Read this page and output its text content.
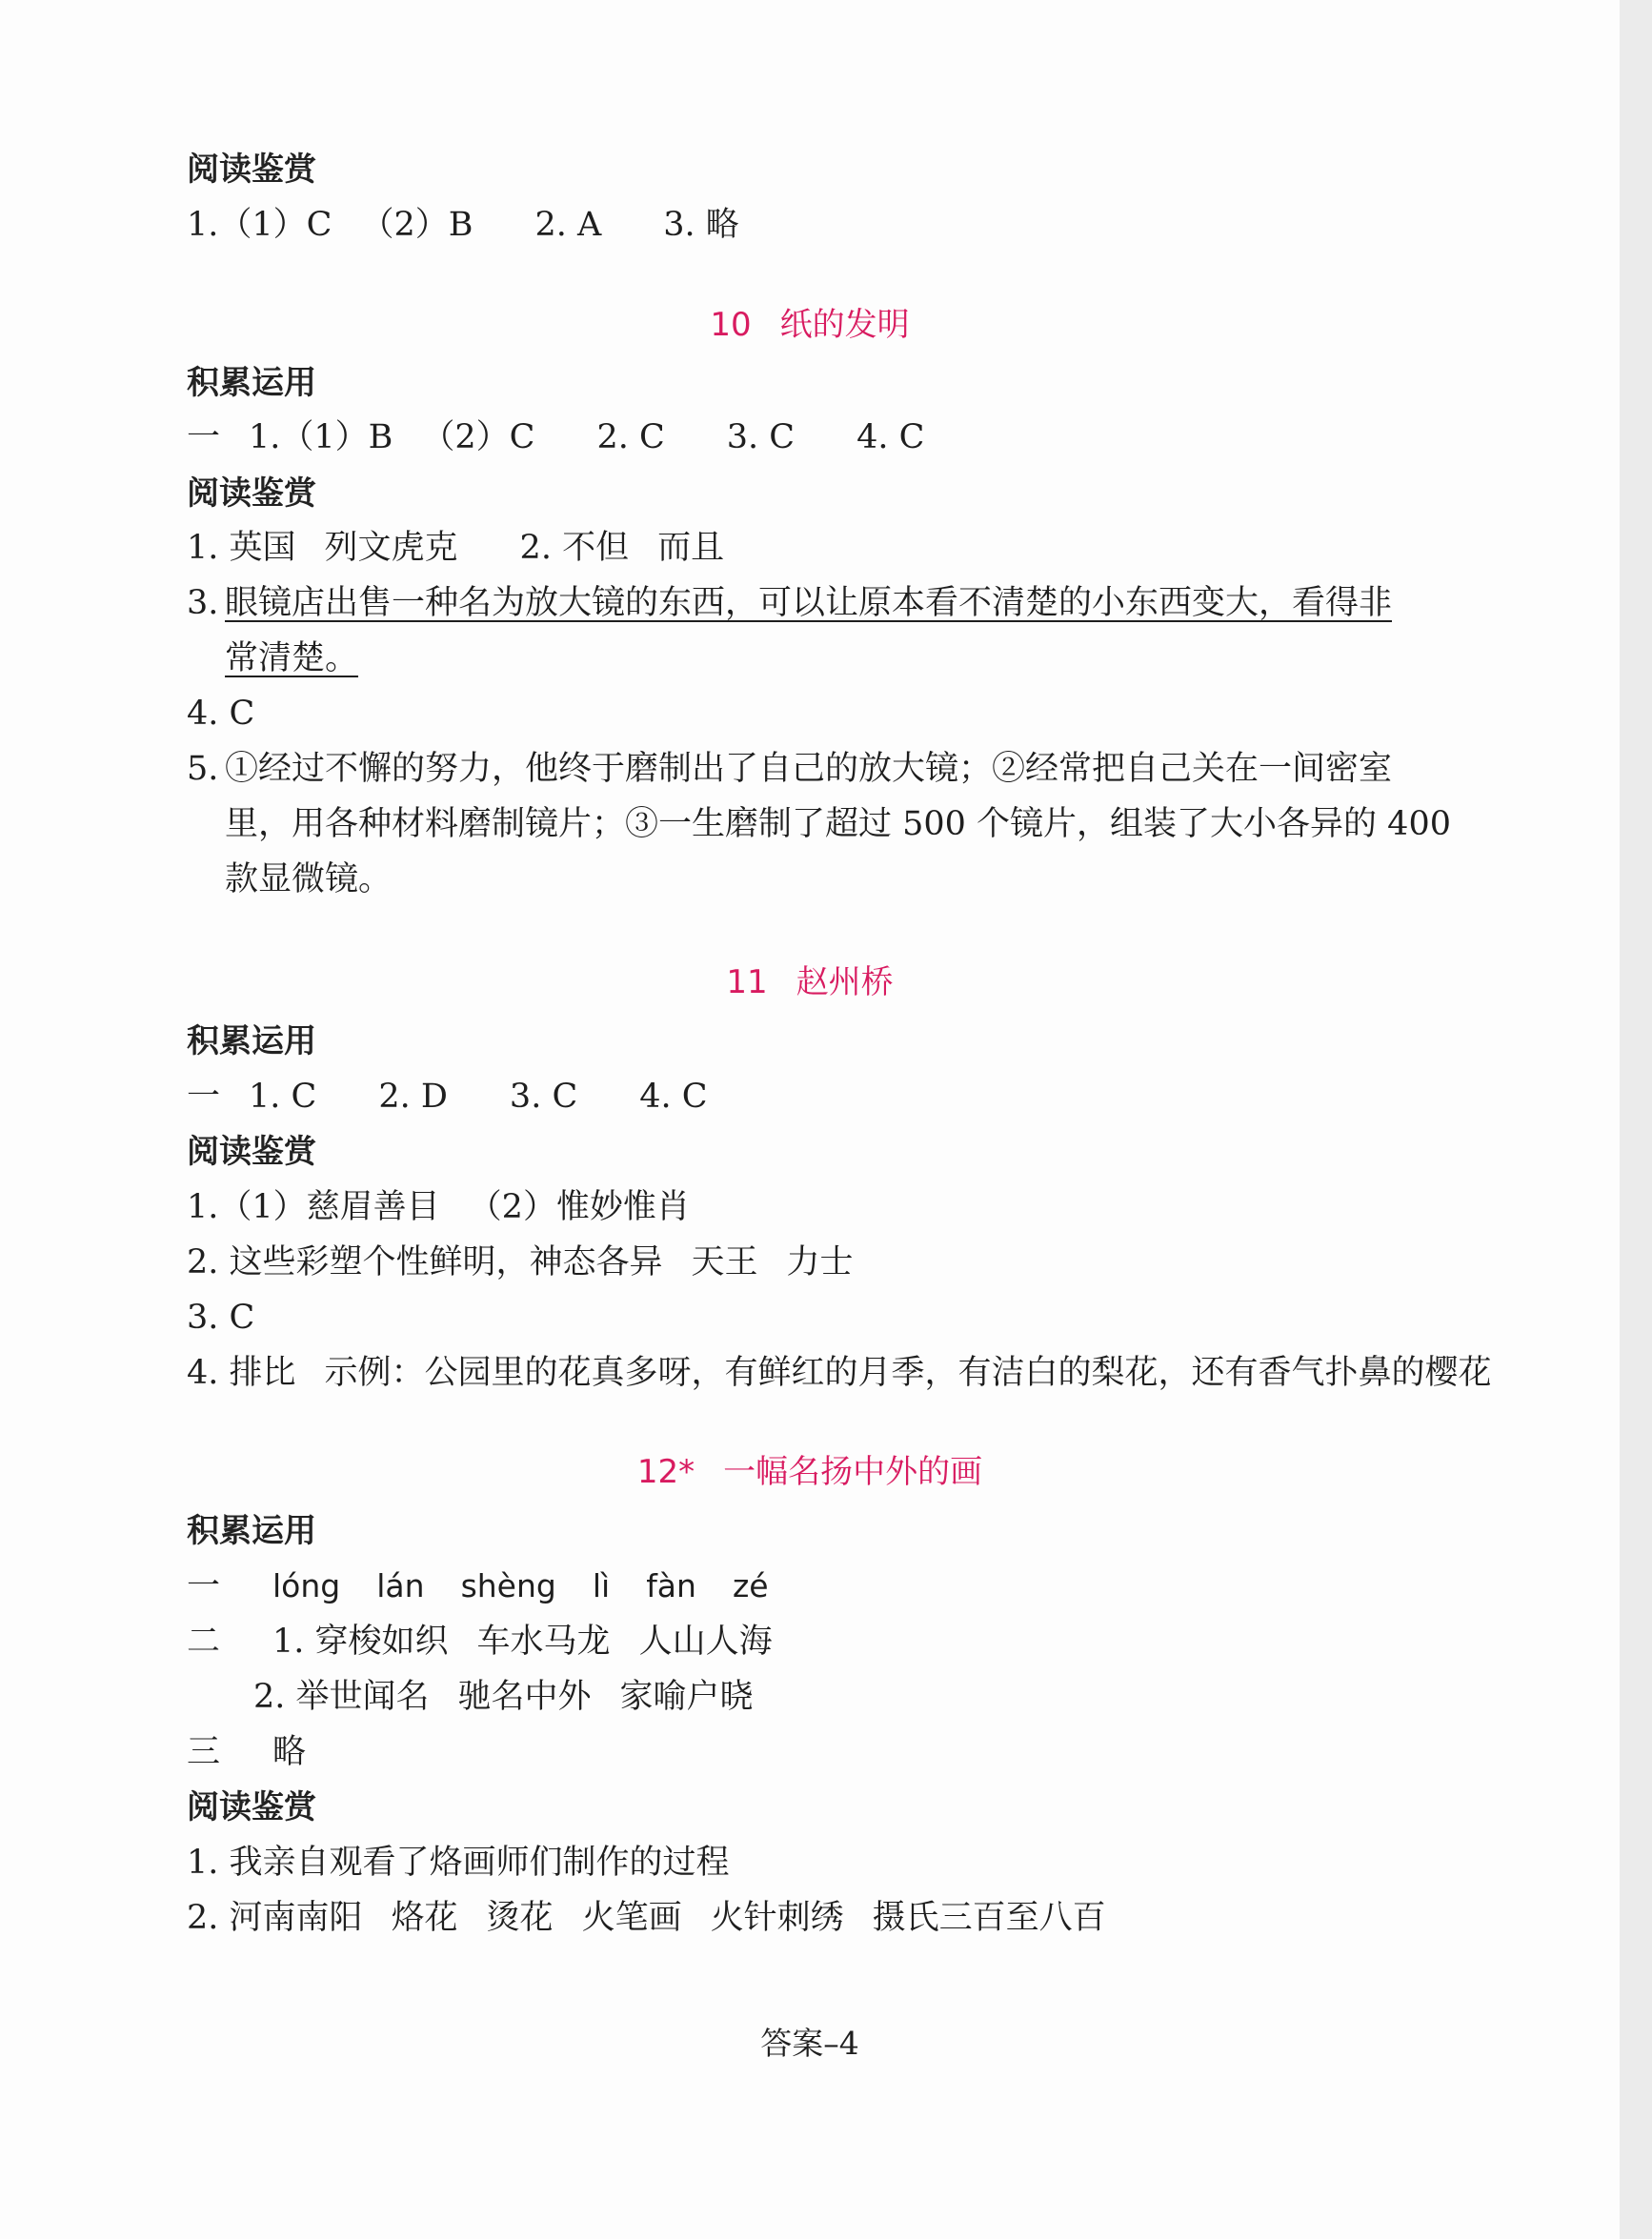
阅读鉴赏
1.（1）C （2）B 2. A 3. 略
10 纸的发明
积累运用
一 1.（1）B （2）C 2. C 3. C 4. C
阅读鉴赏
1. 英国 列文虎克 2. 不但 而且
3. 眼镜店出售一种名为放大镜的东西，可以让原本看不清楚的小东西变大，看得非
常清楚。
4. C
5. ①经过不懈的努力，他终于磨制出了自己的放大镜；②经常把自己关在一间密室
里，用各种材料磨制镜片；③一生磨制了超过 500 个镜片，组装了大小各异的 400
款显微镜。
11 赵州桥
积累运用
一 1. C 2. D 3. C 4. C
阅读鉴赏
1.（1）慈眉善目 （2）惟妙惟肖
2. 这些彩塑个性鲜明，神态各异 天王 力士
3. C
4. 排比 示例：公园里的花真多呀，有鲜红的月季，有洁白的梨花，还有香气扑鼻的樱花
12* 一幅名扬中外的画
积累运用
一 lóng lán shèng lì fàn zé
二 1. 穿梭如织 车水马龙 人山人海
2. 举世闻名 驰名中外 家喻户晓
三 略
阅读鉴赏
1. 我亲自观看了烙画师们制作的过程
2. 河南南阳 烙花 烫花 火笔画 火针刺绣 摄氏三百至八百
答案–4
